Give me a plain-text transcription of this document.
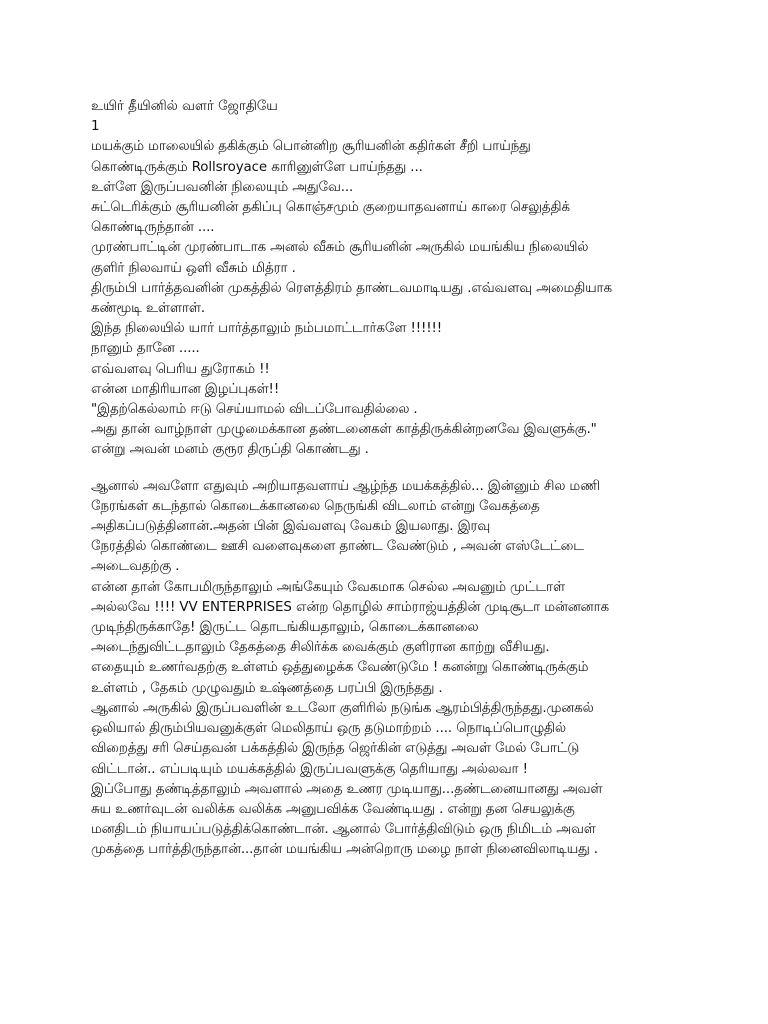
உயிர் தீயினில் வளர் ஜோதியே
1
மயக்கும் மாலையில் தகிக்கும் பொன்னிற சூரியனின் கதிர்கள் சீறி பாய்ந்து
கொண்டிருக்கும் Rollsroyace காரினுள்ளே பாய்ந்தது ...
உள்ளே இருப்பவனின் நிலையும் அதுவே...
சுட்டெரிக்கும் சூரியனின் தகிப்பு கொஞ்சமும் குறையாதவனாய் காரை செலுத்திக்
கொண்டிருந்தான் ....
முரண்பாட்டின் முரண்பாடாக அனல் வீசும் சூரியனின் அருகில் மயங்கிய நிலையில்
குளிர் நிலவாய் ஒளி வீசும் மித்ரா .
திரும்பி பார்த்தவனின் முகத்தில் ரௌத்திரம் தாண்டவமாடியது .எவ்வளவு அமைதியாக
கண்மூடி உள்ளாள்.
இந்த நிலையில் யார் பார்த்தாலும் நம்பமாட்டார்களே !!!!!!
நானும் தானே .....
எவ்வளவு பெரிய துரோகம் !!
என்ன மாதிரியான இழப்புகள்!!
"இதற்கெல்லாம் ஈடு செய்யாமல் விடப்போவதில்லை .
அது தான் வாழ்நாள் முழுமைக்கான தண்டனைகள் காத்திருக்கின்றனவே இவளுக்கு."
என்று அவன் மனம் குரூர திருப்தி கொண்டது .
ஆனால் அவளோ எதுவும் அறியாதவளாய் ஆழ்ந்த மயக்கத்தில்... இன்னும் சில மணி
நேரங்கள் கடந்தால் கொடைக்கானலை நெருங்கி விடலாம் என்று வேகத்தை
அதிகப்படுத்தினான்.அதன் பின் இவ்வளவு வேகம் இயலாது. இரவு
நேரத்தில் கொண்டை ஊசி வளைவுகளை தாண்ட வேண்டும் , அவன் எஸ்டேட்டை
அடைவதற்கு .
என்ன தான் கோபமிருந்தாலும் அங்கேயும் வேகமாக செல்ல அவனும் முட்டாள்
அல்லவே !!!! VV ENTERPRISES என்ற தொழில் சாம்ராஜ்யத்தின் முடிசூடா மன்னனாக
முடிந்திருக்காதே! இருட்ட தொடங்கியதாலும், கொடைக்கானலை
அடைந்துவிட்டதாலும் தேகத்தை சிலிர்க்க வைக்கும் குளிரான காற்று வீசியது.
எதையும் உணர்வதற்கு உள்ளம் ஒத்துழைக்க வேண்டுமே ! கனன்று கொண்டிருக்கும்
உள்ளம் , தேகம் முழுவதும் உஷ்ணத்தை பரப்பி இருந்தது .
ஆனால் அருகில் இருப்பவளின் உடலோ குளிரில் நடுங்க ஆரம்பித்திருந்தது.முனகல்
ஒலியால் திரும்பியவனுக்குள் மெலிதாய் ஒரு தடுமாற்றம் .... நொடிப்பொழுதில்
விறைத்து சரி செய்தவன் பக்கத்தில் இருந்த ஜெர்கின் எடுத்து அவள் மேல் போட்டு
விட்டான்.. எப்படியும் மயக்கத்தில் இருப்பவளுக்கு தெரியாது அல்லவா !
இப்போது தண்டித்தாலும் அவளால் அதை உணர முடியாது...தண்டனையானது அவள்
சுய உணர்வுடன் வலிக்க வலிக்க அனுபவிக்க வேண்டியது . என்று தன செயலுக்கு
மனதிடம் நியாயப்படுத்திக்கொண்டான். ஆனால் போர்த்திவிடும் ஒரு நிமிடம் அவள்
முகத்தை பார்த்திருந்தான்...தான் மயங்கிய அன்றொரு மழை நாள் நினைவிலாடியது .
